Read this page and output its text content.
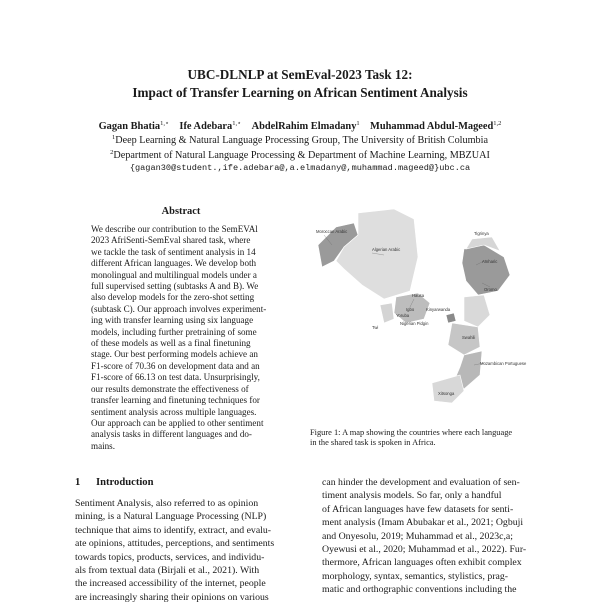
UBC-DLNLP at SemEval-2023 Task 12:
Impact of Transfer Learning on African Sentiment Analysis
Gagan Bhatia$^{1,⋆}$ Ife Adebara$^{1,⋆}$ AbdelRahim Elmadany$^1$ Muhammad Abdul-Mageed$^{1,2}$
$^1$Deep Learning & Natural Language Processing Group, The University of British Columbia
$^2$Department of Natural Language Processing & Department of Machine Learning, MBZUAI
{gagan30@student.,ife.adebara@,a.elmadany@,muhammad.mageed@}ubc.ca
Abstract
We describe our contribution to the SemEVAl
2023 AfriSenti-SemEval shared task, where
we tackle the task of sentiment analysis in 14
different African languages. We develop both
monolingual and multilingual models under a
full supervised setting (subtasks A and B). We
also develop models for the zero-shot setting
(subtask C). Our approach involves experiment-
ing with transfer learning using six language
models, including further pretraining of some
of these models as well as a final finetuning
stage. Our best performing models achieve an
F1-score of 70.36 on development data and an
F1-score of 66.13 on test data. Unsurprisingly,
our results demonstrate the effectiveness of
transfer learning and finetuning techniques for
sentiment analysis across multiple languages.
Our approach can be applied to other sentiment
analysis tasks in different languages and do-
mains.
Algerian Arabic
Moroccan Arabic	Tigrinya
Amharic
Hausa
Igbo
Yoruba
Twi
Nigerian Pidgin
Swahili
Kinyarwanda
Oromo
Xitsonga
Mozambican Portuguese
Figure 1: A map showing the countries where each language
in the shared task is spoken in Africa.
1 Introduction
Sentiment Analysis, also referred to as opinion
mining, is a Natural Language Processing (NLP)
technique that aims to identify, extract, and evalu-
ate opinions, attitudes, perceptions, and sentiments
towards topics, products, services, and individu-
als from textual data (Birjali et al., 2021). With
the increased accessibility of the internet, people
are increasingly sharing their opinions on various
can hinder the development and evaluation of sen-
timent analysis models. So far, only a handful
of African languages have few datasets for senti-
ment analysis (Imam Abubakar et al., 2021; Ogbuji
and Onyesolu, 2019; Muhammad et al., 2023c,a;
Oyewusi et al., 2020; Muhammad et al., 2022). Fur-
thermore, African languages often exhibit complex
morphology, syntax, semantics, stylistics, prag-
matic and orthographic conventions including the
